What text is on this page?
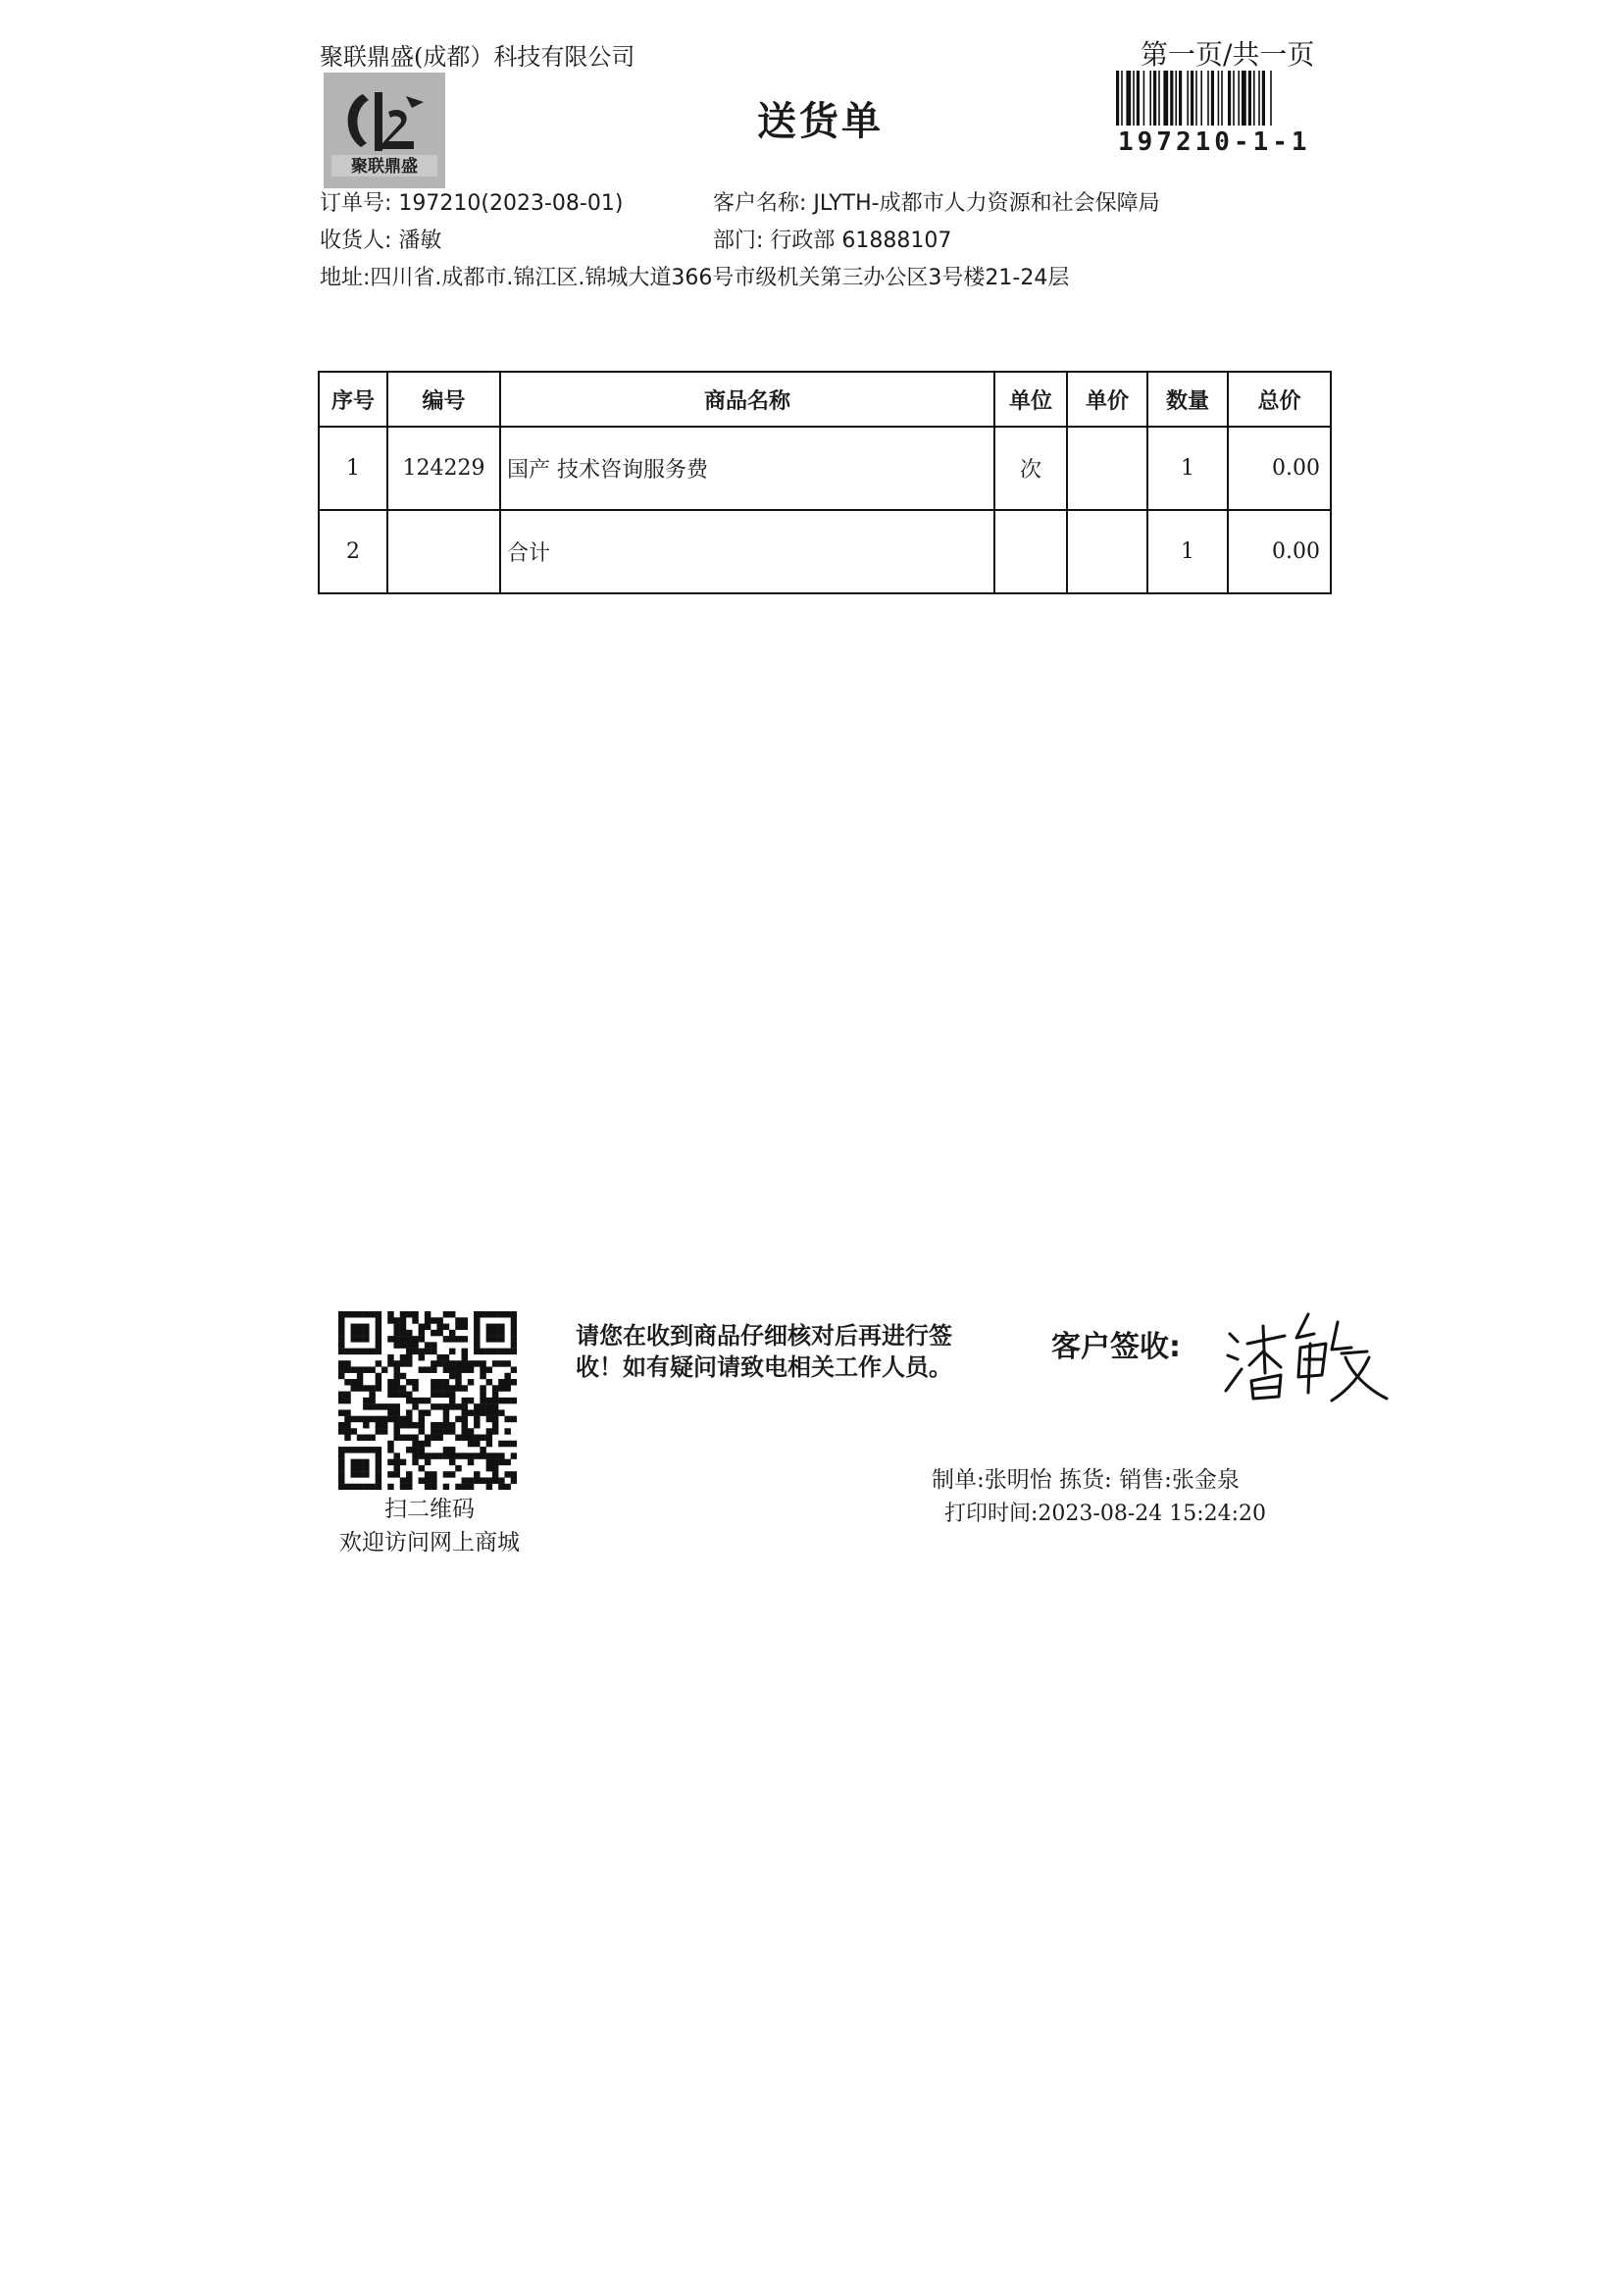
聚联鼎盛(成都）科技有限公司	第一页/共一页
聚联鼎盛
送货单	197210-1-1
订单号: 197210(2023-08-01)	客户名称: JLYTH-成都市人力资源和社会保障局
收货人: 潘敏	部门: 行政部 61888107
地址:四川省.成都市.锦江区.锦城大道366号市级机关第三办公区3号楼21-24层
序号	编号	商品名称	单位	单价	数量	总价
1	124229	国产 技术咨询服务费	次		1	0.00
2		合计			1	0.00
扫二维码
欢迎访问网上商城
请您在收到商品仔细核对后再进行签收！如有疑问请致电相关工作人员。
客户签收:
制单:张明怡 拣货: 销售:张金泉
打印时间:2023-08-24 15:24:20
